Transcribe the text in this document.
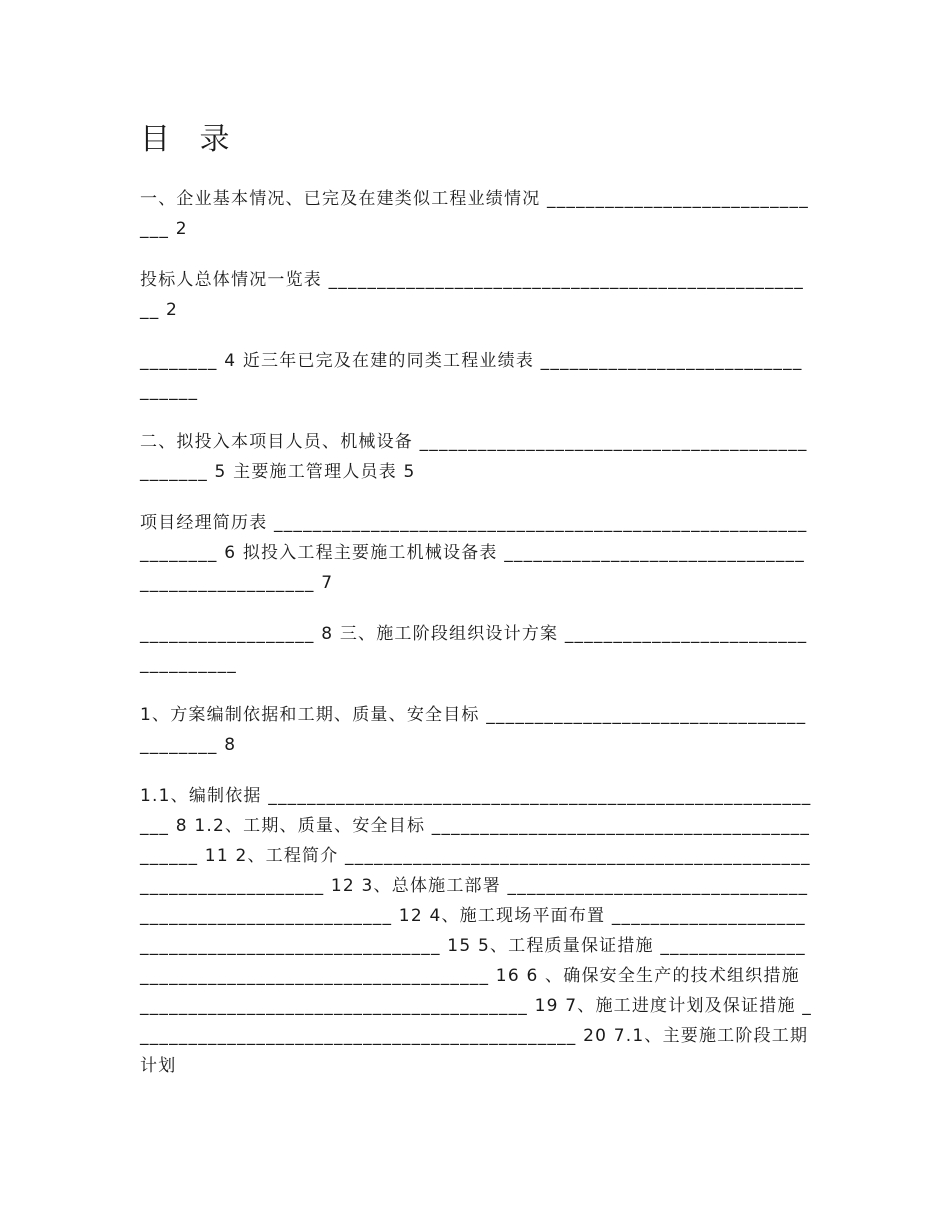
目 录

一、企业基本情况、已完及在建类似工程业绩情况 ______________________________ 2

投标人总体情况一览表 ___________________________________________________ 2

________ 4 近三年已完及在建的同类工程业绩表 _________________________________

二、拟投入本项目人员、机械设备 _______________________________________________ 5 主要施工管理人员表 5

项目经理简历表 _______________________________________________________________ 6 拟投入工程主要施工机械设备表 _________________________________________________ 7

__________________ 8 三、施工阶段组织设计方案 ___________________________________

1、方案编制依据和工期、质量、安全目标 _________________________________________ 8

1.1、编制依据 ___________________________________________________________ 8 1.2、工期、质量、安全目标 _____________________________________________ 11 2、工程简介 ___________________________________________________________________ 12 3、总体施工部署 _________________________________________________________ 12 4、施工现场平面布置 ___________________________________________________ 15 5、工程质量保证措施 ___________________________________________________ 16 6 、确保安全生产的技术组织措施 ________________________________________ 19 7、施工进度计划及保证措施 ______________________________________________ 20 7.1、主要施工阶段工期计划
